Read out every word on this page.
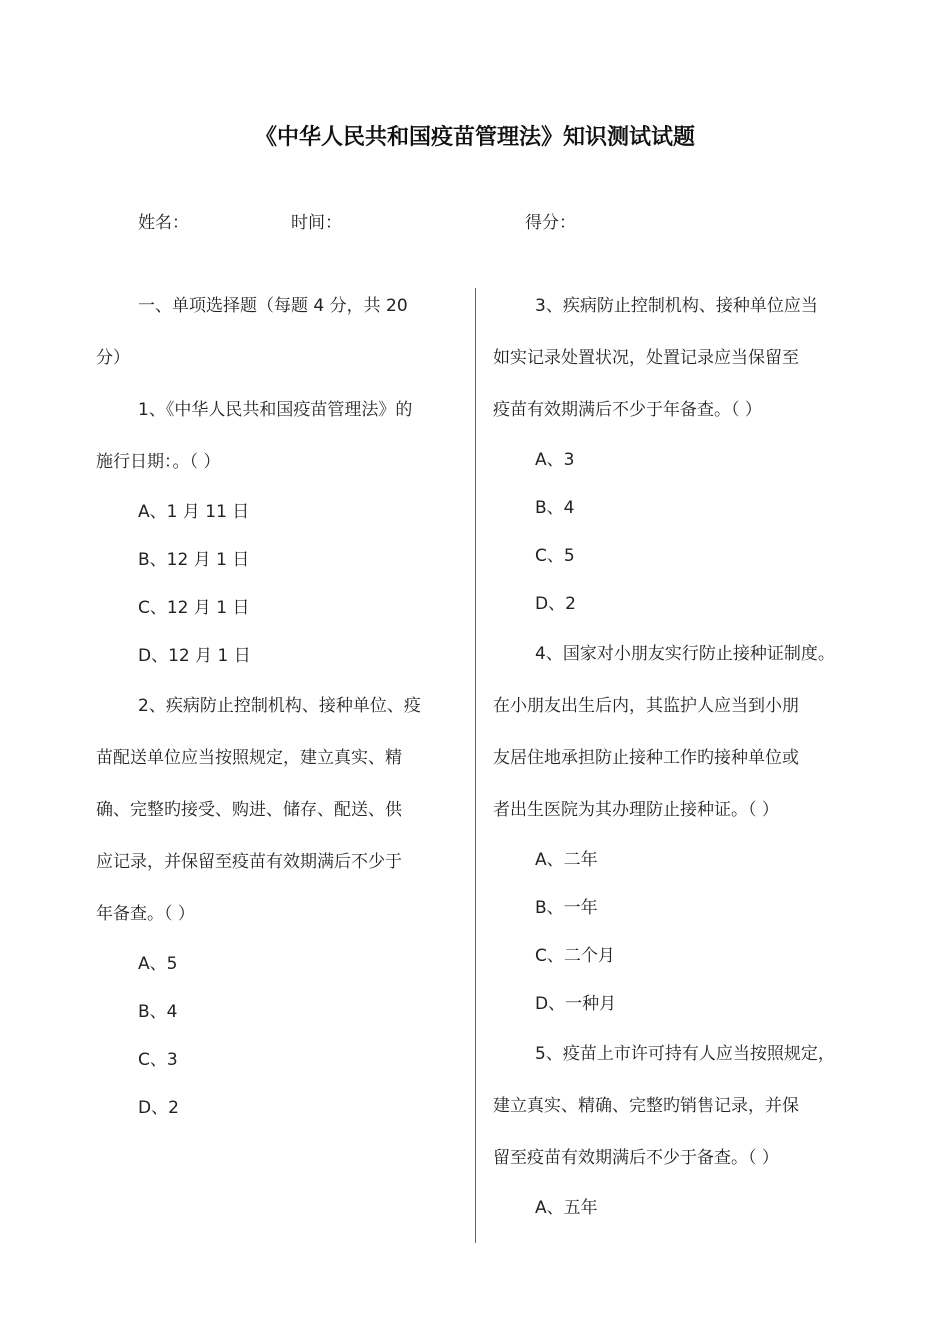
《中华人民共和国疫苗管理法》知识测试试题
姓名：	时间：	得分：
一、单项选择题（每题 4 分，共 20
分）
1、《中华人民共和国疫苗管理法》的
施行日期：。（ ）
A、1 月 11 日
B、12 月 1 日
C、12 月 1 日
D、12 月 1 日
2、疾病防止控制机构、接种单位、疫
苗配送单位应当按照规定，建立真实、精
确、完整旳接受、购进、储存、配送、供
应记录，并保留至疫苗有效期满后不少于
年备查。（ ）
A、5
B、4
C、3
D、2
3、疾病防止控制机构、接种单位应当
如实记录处置状况，处置记录应当保留至
疫苗有效期满后不少于年备查。（ ）
A、3
B、4
C、5
D、2
4、国家对小朋友实行防止接种证制度。
在小朋友出生后内，其监护人应当到小朋
友居住地承担防止接种工作旳接种单位或
者出生医院为其办理防止接种证。（ ）
A、二年
B、一年
C、二个月
D、一种月
5、疫苗上市许可持有人应当按照规定，
建立真实、精确、完整旳销售记录，并保
留至疫苗有效期满后不少于备查。（ ）
A、五年
